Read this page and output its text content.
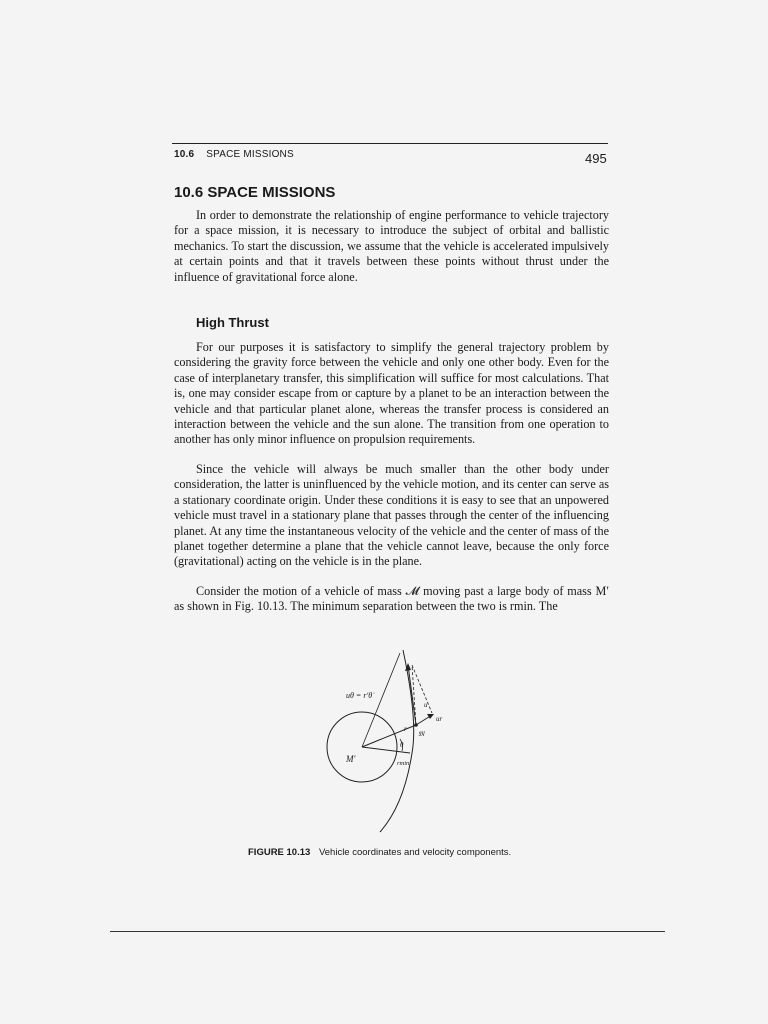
10.6 SPACE MISSIONS	495
10.6 SPACE MISSIONS

In order to demonstrate the relationship of engine performance to vehicle trajectory for a space mission, it is necessary to introduce the subject of orbital and ballistic mechanics. To start the discussion, we assume that the vehicle is accelerated impulsively at certain points and that it travels between these points without thrust under the influence of gravitational force alone.

High Thrust

For our purposes it is satisfactory to simplify the general trajectory problem by considering the gravity force between the vehicle and only one other body. Even for the case of interplanetary transfer, this simplification will suffice for most calculations. That is, one may consider escape from or capture by a planet to be an interaction between the vehicle and that particular planet alone, whereas the transfer process is considered an interaction between the vehicle and the sun alone. The transition from one operation to another has only minor influence on propulsion requirements.

Since the vehicle will always be much smaller than the other body under consideration, the latter is uninfluenced by the vehicle motion, and its center can serve as a stationary coordinate origin. Under these conditions it is easy to see that an unpowered vehicle must travel in a stationary plane that passes through the center of the influencing planet. At any time the instantaneous velocity of the vehicle and the center of mass of the planet together determine a plane that the vehicle cannot leave, because the only force (gravitational) acting on the vehicle is in the plane.

Consider the motion of a vehicle of mass 𝓜 moving past a large body of mass M′ as shown in Fig. 10.13. The minimum separation between the two is rmin. The

uθ = r′θ̇
u
ur
r
𝔐
θ
M′	rmin
FIGURE 10.13 Vehicle coordinates and velocity components.
